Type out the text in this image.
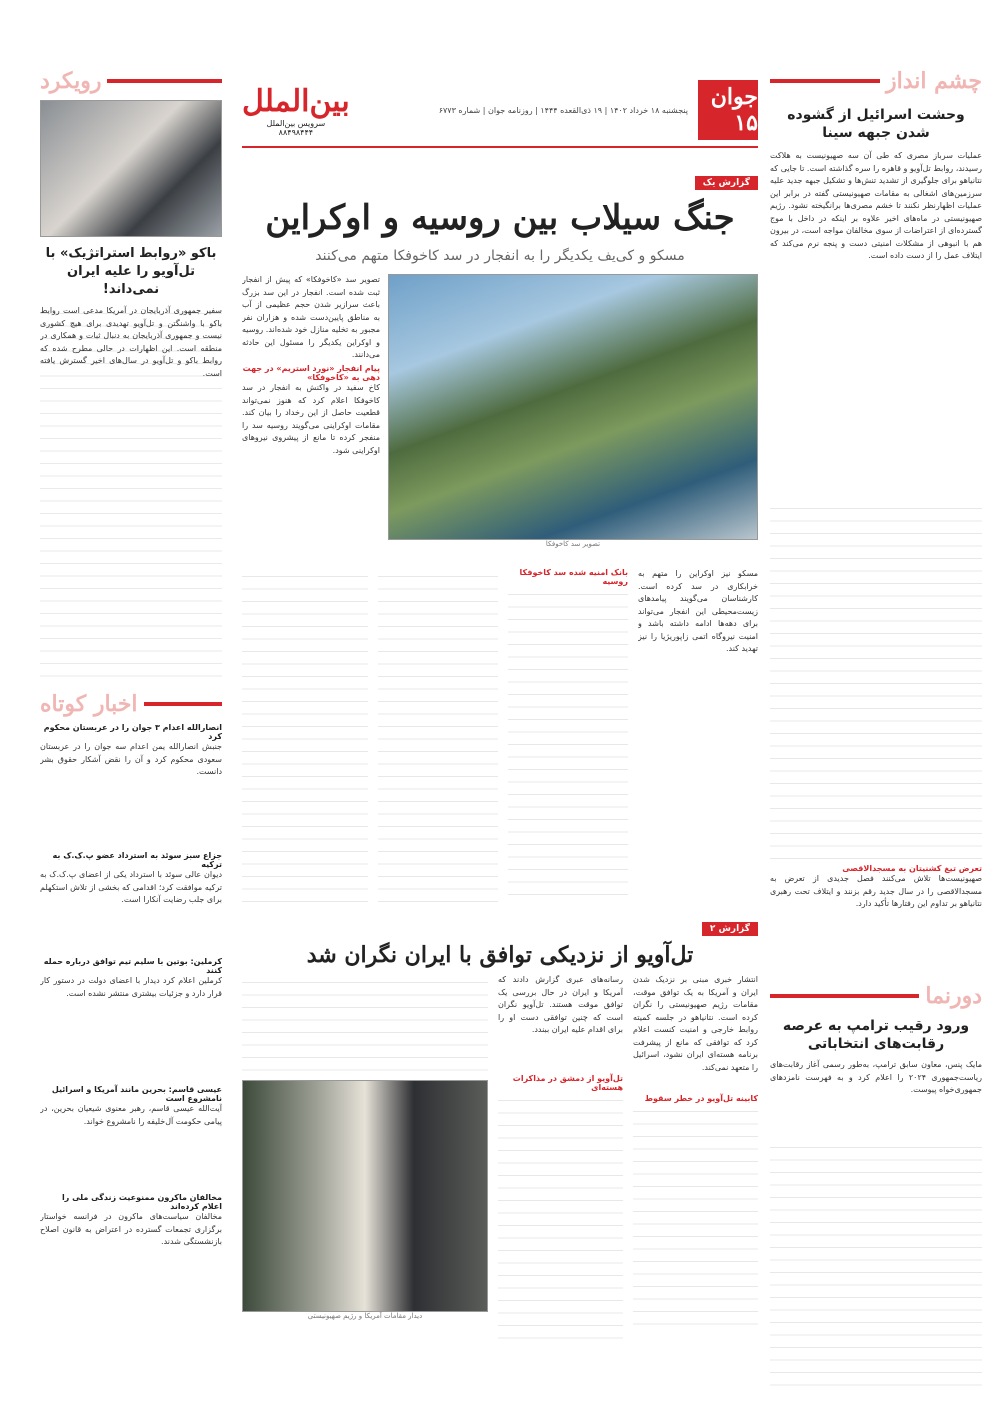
چشم انداز
وحشت اسرائیل از گشوده شدن جبهه سینا
عملیات سرباز مصری که طی آن سه صهیونیست به هلاکت رسیدند، روابط تل‌آویو و قاهره را سره گذاشته است. تا جایی که نتانیاهو برای جلوگیری از تشدید تنش‌ها و تشکیل جبهه جدید علیه سرزمین‌های اشغالی به مقامات صهیونیستی گفته در برابر این عملیات اظهارنظر نکنند تا خشم مصری‌ها برانگیخته نشود. رژیم صهیونیستی در ماه‌های اخیر علاوه بر اینکه در داخل با موج گسترده‌ای از اعتراضات از سوی مخالفان مواجه است، در بیرون هم با انبوهی از مشکلات امنیتی دست و پنجه نرم می‌کند که ایتلاف عمل را از دست داده است.
تعرض تیغ کشنیتان به مسجدالاقصی
صهیونیست‌ها تلاش می‌کنند فصل جدیدی از تعرض به مسجدالاقصی را در سال جدید رقم بزنند و ایتلاف تحت رهبری نتانیاهو بر تداوم این رفتارها تأکید دارد.
دورنما
ورود رقیب ترامپ به عرصه رقابت‌های انتخاباتی
مایک پنس، معاون سابق ترامپ، به‌طور رسمی آغاز رقابت‌های ریاست‌جمهوری ۲۰۲۴ را اعلام کرد و به فهرست نامزدهای جمهوری‌خواه پیوست.
رویکرد
باکو «روابط استراتژیک» با تل‌آویو را علیه ایران نمی‌داند!
سفیر جمهوری آذربایجان در آمریکا مدعی است روابط باکو با واشنگتن و تل‌آویو تهدیدی برای هیچ کشوری نیست و جمهوری آذربایجان به دنبال ثبات و همکاری در منطقه است. این اظهارات در حالی مطرح شده که روابط باکو و تل‌آویو در سال‌های اخیر گسترش یافته است.
اخبار کوتاه
انصارالله اعدام ۳ جوان را در عربستان محکوم کرد
جنبش انصارالله یمن اعدام سه جوان را در عربستان سعودی محکوم کرد و آن را نقض آشکار حقوق بشر دانست.
جزاع سبز سوئد به استرداد عضو پ.ک.ک به ترکیه
دیوان عالی سوئد با استرداد یکی از اعضای پ.ک.ک به ترکیه موافقت کرد؛ اقدامی که بخشی از تلاش استکهلم برای جلب رضایت آنکارا است.
کرملین: بوتین با سلیم تیم توافق درباره حمله کنند
کرملین اعلام کرد دیدار با اعضای دولت در دستور کار قرار دارد و جزئیات بیشتری منتشر نشده است.
عیسی قاسم: بحرین مانند آمریکا و اسرائیل نامشروع است
آیت‌الله عیسی قاسم، رهبر معنوی شیعیان بحرین، در پیامی حکومت آل‌خلیفه را نامشروع خواند.
مخالفان ماکرون ممنوعیت زندگی ملی را اعلام کرده‌اند
مخالفان سیاست‌های ماکرون در فرانسه خواستار برگزاری تجمعات گسترده در اعتراض به قانون اصلاح بازنشستگی شدند.
جوان ۱۵
پنجشنبه ۱۸ خرداد ۱۴۰۲ | ۱۹ ذی‌القعده ۱۴۴۴ | روزنامه جوان | شماره ۶۷۷۳
بین‌الملل
سرویس بین‌الملل
۸۸۴۹۸۴۴۴
گزارش یک
جنگ سیلاب بین روسیه و اوکراین
مسکو و کی‌یف یکدیگر را به انفجار در سد کاخوفکا متهم می‌کنند
تصویر سد کاخوفکا
تصویر سد «کاخوفکا» که پیش از انفجار ثبت شده است. انفجار در این سد بزرگ باعث سرازیر شدن حجم عظیمی از آب به مناطق پایین‌دست شده و هزاران نفر مجبور به تخلیه منازل خود شده‌اند. روسیه و اوکراین یکدیگر را مسئول این حادثه می‌دانند.
پیام انفجار «نورد استریم» در جهت دهی به «کاخوفکا»
کاخ سفید در واکنش به انفجار در سد کاخوفکا اعلام کرد که هنوز نمی‌تواند قطعیت حاصل از این رخداد را بیان کند. مقامات اوکراینی می‌گویند روسیه سد را منفجر کرده تا مانع از پیشروی نیروهای اوکراینی شود.
مسکو نیز اوکراین را متهم به خرابکاری در سد کرده است. کارشناسان می‌گویند پیامدهای زیست‌محیطی این انفجار می‌تواند برای دهه‌ها ادامه داشته باشد و امنیت نیروگاه اتمی زاپوریژیا را نیز تهدید کند.
بانک امنیه شده سد کاخوفکا روسیه
گزارش ۲
تل‌آویو از نزدیکی توافق با ایران نگران شد
انتشار خبری مبنی بر نزدیک شدن ایران و آمریکا به یک توافق موقت، مقامات رژیم صهیونیستی را نگران کرده است. نتانیاهو در جلسه کمیته روابط خارجی و امنیت کنست اعلام کرد که توافقی که مانع از پیشرفت برنامه هسته‌ای ایران نشود، اسرائیل را متعهد نمی‌کند.
کابینه تل‌آویو در خطر سقوط
رسانه‌های عبری گزارش دادند که آمریکا و ایران در حال بررسی یک توافق موقت هستند. تل‌آویو نگران است که چنین توافقی دست او را برای اقدام علیه ایران ببندد.
تل‌آویو از دمشق در مذاکرات هسته‌ای
دیدار مقامات آمریکا و رژیم صهیونیستی
